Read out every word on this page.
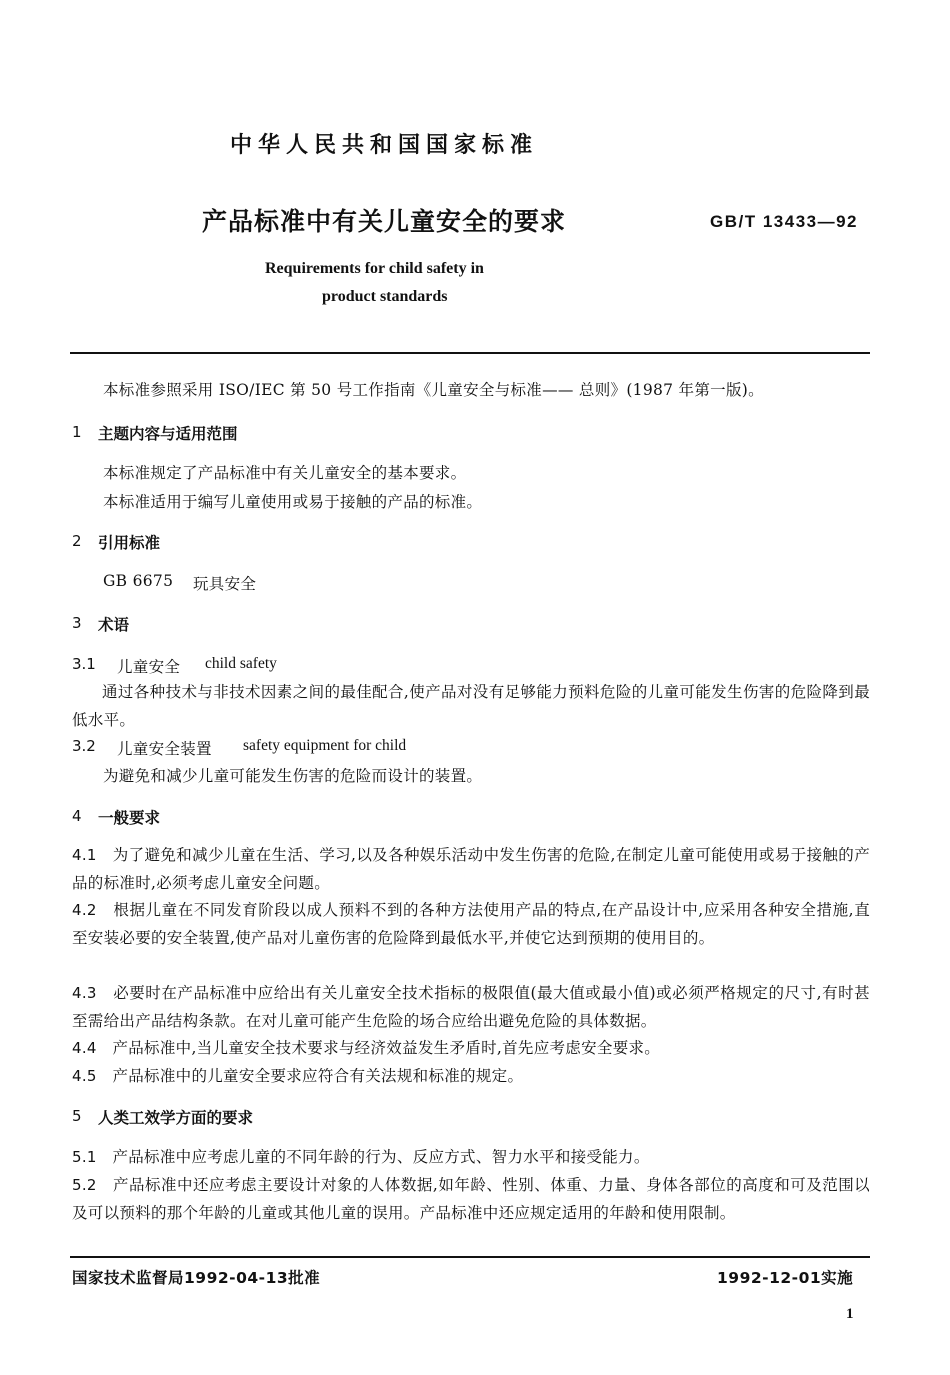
中华人民共和国国家标准
产品标准中有关儿童安全的要求	GB/T 13433—92
Requirements for child safety in
product standards
本标准参照采用 ISO/IEC 第 50 号工作指南《儿童安全与标准—— 总则》(1987 年第一版)。
1 主题内容与适用范围
本标准规定了产品标准中有关儿童安全的基本要求。
本标准适用于编写儿童使用或易于接触的产品的标准。
2 引用标准
GB 6675 玩具安全
3 术语
3.1 儿童安全 child safety
通过各种技术与非技术因素之间的最佳配合,使产品对没有足够能力预料危险的儿童可能发生伤害的危险降到最低水平。
3.2 儿童安全装置 safety equipment for child
为避免和减少儿童可能发生伤害的危险而设计的装置。
4 一般要求
4.1 为了避免和减少儿童在生活、学习,以及各种娱乐活动中发生伤害的危险,在制定儿童可能使用或易于接触的产品的标准时,必须考虑儿童安全问题。
4.2 根据儿童在不同发育阶段以成人预料不到的各种方法使用产品的特点,在产品设计中,应采用各种安全措施,直至安装必要的安全装置,使产品对儿童伤害的危险降到最低水平,并使它达到预期的使用目的。
4.3 必要时在产品标准中应给出有关儿童安全技术指标的极限值(最大值或最小值)或必须严格规定的尺寸,有时甚至需给出产品结构条款。在对儿童可能产生危险的场合应给出避免危险的具体数据。
4.4 产品标准中,当儿童安全技术要求与经济效益发生矛盾时,首先应考虑安全要求。
4.5 产品标准中的儿童安全要求应符合有关法规和标准的规定。
5 人类工效学方面的要求
5.1 产品标准中应考虑儿童的不同年龄的行为、反应方式、智力水平和接受能力。
5.2 产品标准中还应考虑主要设计对象的人体数据,如年龄、性别、体重、力量、身体各部位的高度和可及范围以及可以预料的那个年龄的儿童或其他儿童的误用。产品标准中还应规定适用的年龄和使用限制。
国家技术监督局1992-04-13批准	1992-12-01实施
1
